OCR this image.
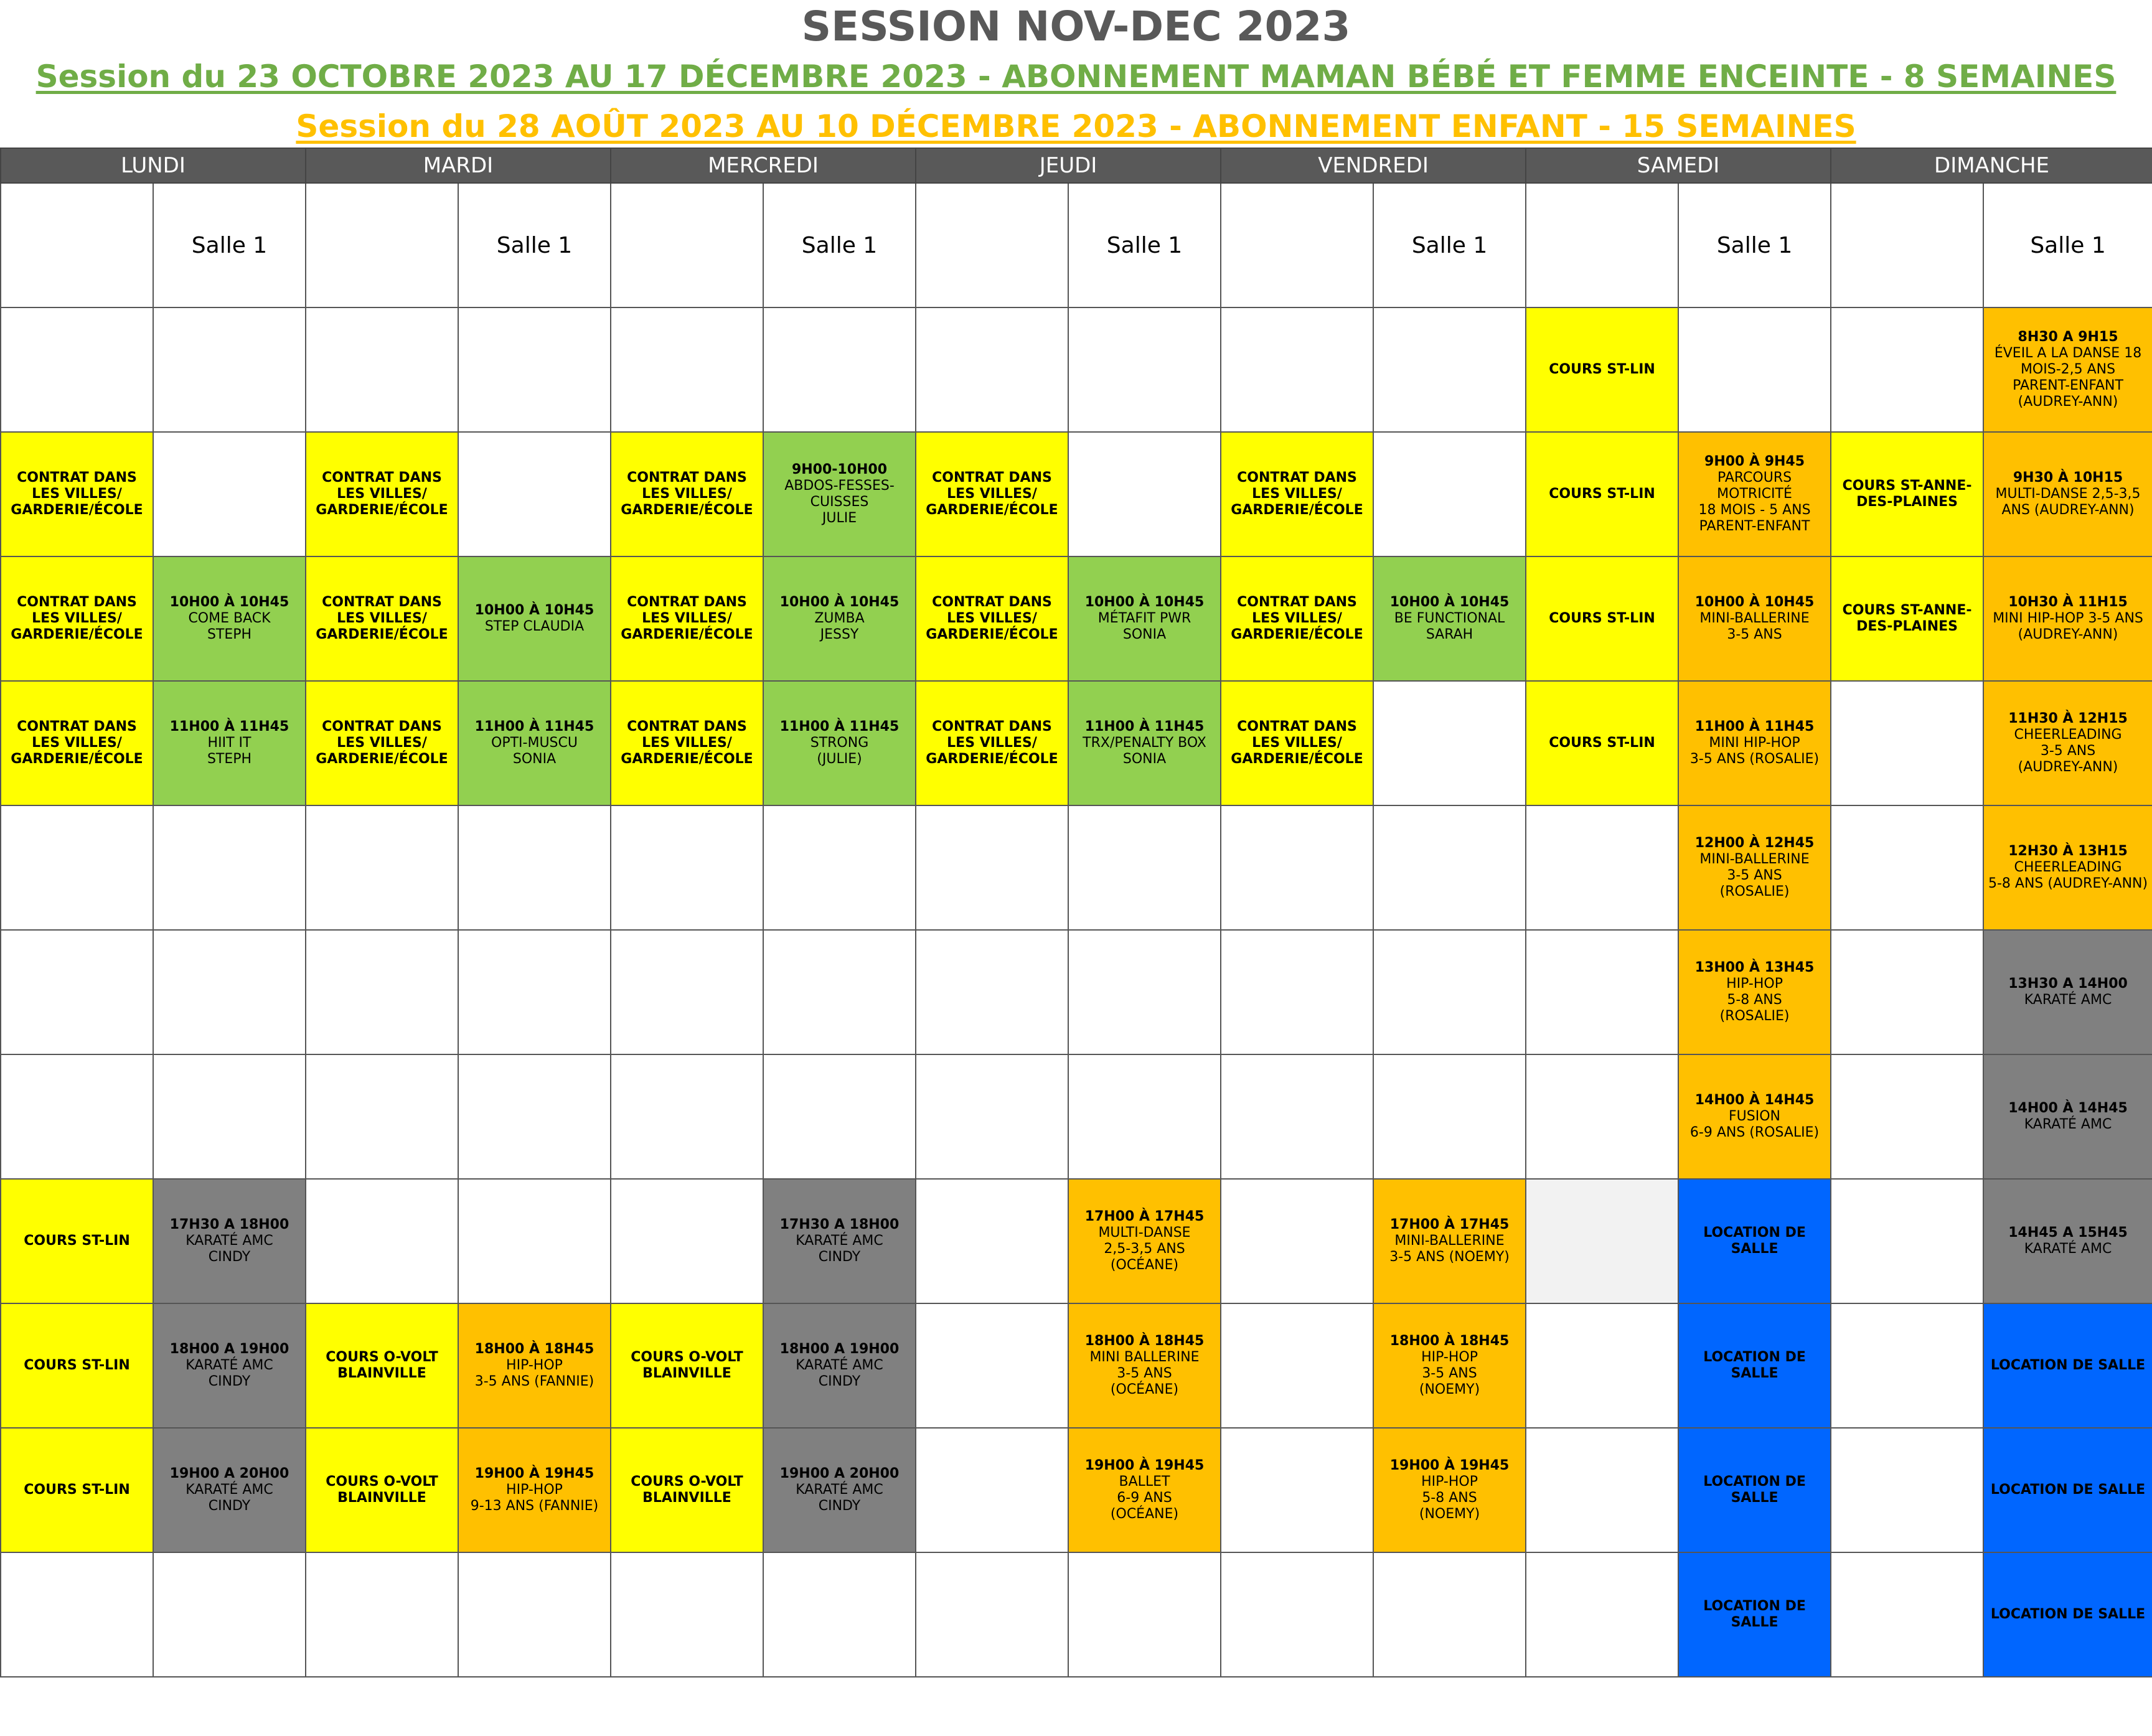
SESSION NOV-DEC 2023
Session du 23 OCTOBRE 2023 AU 17 DÉCEMBRE 2023 - ABONNEMENT MAMAN BÉBÉ ET FEMME ENCEINTE - 8 SEMAINES
Session du 28 AOÛT 2023 AU 10 DÉCEMBRE 2023 - ABONNEMENT ENFANT - 15 SEMAINES
LUNDI		MARDI		MERCREDI		JEUDI		VENDREDI		SAMEDI		DIMANCHE	
	Salle 1		Salle 1		Salle 1		Salle 1		Salle 1		Salle 1		Salle 1

										COURS ST-LIN			8H30 A 9H15
ÉVEIL A LA DANSE 18 MOIS-2,5 ANS
PARENT-ENFANT
(AUDREY-ANN)

CONTRAT DANS LES VILLES/
GARDERIE/ÉCOLE		CONTRAT DANS LES VILLES/
GARDERIE/ÉCOLE		CONTRAT DANS LES VILLES/
GARDERIE/ÉCOLE	9H00-10H00
ABDOS-FESSES-CUISSES
JULIE	CONTRAT DANS LES VILLES/
GARDERIE/ÉCOLE		CONTRAT DANS LES VILLES/
GARDERIE/ÉCOLE		COURS ST-LIN	9H00 À 9H45
PARCOURS MOTRICITÉ
18 MOIS - 5 ANS
PARENT-ENFANT	COURS ST-ANNE-DES-PLAINES	9H30 À 10H15
MULTI-DANSE 2,5-3,5 ANS (AUDREY-ANN)

CONTRAT DANS LES VILLES/
GARDERIE/ÉCOLE	10H00 À 10H45
COME BACK
STEPH	CONTRAT DANS LES VILLES/
GARDERIE/ÉCOLE	10H00 À 10H45
STEP CLAUDIA	CONTRAT DANS LES VILLES/
GARDERIE/ÉCOLE	10H00 À 10H45
ZUMBA
JESSY	CONTRAT DANS LES VILLES/
GARDERIE/ÉCOLE	10H00 À 10H45
MÉTAFIT PWR
SONIA	CONTRAT DANS LES VILLES/
GARDERIE/ÉCOLE	10H00 À 10H45
BE FUNCTIONAL
SARAH	COURS ST-LIN	10H00 À 10H45
MINI-BALLERINE
3-5 ANS	COURS ST-ANNE-DES-PLAINES	10H30 À 11H15
MINI HIP-HOP 3-5 ANS (AUDREY-ANN)

CONTRAT DANS LES VILLES/
GARDERIE/ÉCOLE	11H00 À 11H45
HIIT IT
STEPH	CONTRAT DANS LES VILLES/
GARDERIE/ÉCOLE	11H00 À 11H45
OPTI-MUSCU
SONIA	CONTRAT DANS LES VILLES/
GARDERIE/ÉCOLE	11H00 À 11H45
STRONG
(JULIE)	CONTRAT DANS LES VILLES/
GARDERIE/ÉCOLE	11H00 À 11H45
TRX/PENALTY BOX
SONIA	CONTRAT DANS LES VILLES/
GARDERIE/ÉCOLE		COURS ST-LIN	11H00 À 11H45
MINI HIP-HOP
3-5 ANS (ROSALIE)		11H30 À 12H15
CHEERLEADING
3-5 ANS
(AUDREY-ANN)

											12H00 À 12H45
MINI-BALLERINE
3-5 ANS
(ROSALIE)		12H30 À 13H15
CHEERLEADING
5-8 ANS (AUDREY-ANN)

											13H00 À 13H45
HIP-HOP
5-8 ANS
(ROSALIE)		13H30 A 14H00
KARATÉ AMC

											14H00 À 14H45
FUSION
6-9 ANS (ROSALIE)		14H00 À 14H45
KARATÉ AMC

COURS ST-LIN	17H30 A 18H00
KARATÉ AMC
CINDY				17H30 A 18H00
KARATÉ AMC
CINDY		17H00 À 17H45
MULTI-DANSE
2,5-3,5 ANS
(OCÉANE)		17H00 À 17H45
MINI-BALLERINE
3-5 ANS (NOEMY)		LOCATION DE SALLE		14H45 A 15H45
KARATÉ AMC

COURS ST-LIN	18H00 A 19H00
KARATÉ AMC
CINDY	COURS O-VOLT
BLAINVILLE	18H00 À 18H45
HIP-HOP
3-5 ANS (FANNIE)	COURS O-VOLT
BLAINVILLE	18H00 A 19H00
KARATÉ AMC
CINDY		18H00 À 18H45
MINI BALLERINE
3-5 ANS
(OCÉANE)		18H00 À 18H45
HIP-HOP
3-5 ANS
(NOEMY)		LOCATION DE SALLE		LOCATION DE SALLE

COURS ST-LIN	19H00 A 20H00
KARATÉ AMC
CINDY	COURS O-VOLT
BLAINVILLE	19H00 À 19H45
HIP-HOP
9-13 ANS (FANNIE)	COURS O-VOLT
BLAINVILLE	19H00 A 20H00
KARATÉ AMC
CINDY		19H00 À 19H45
BALLET
6-9 ANS
(OCÉANE)		19H00 À 19H45
HIP-HOP
5-8 ANS
(NOEMY)		LOCATION DE SALLE		LOCATION DE SALLE

											LOCATION DE SALLE		LOCATION DE SALLE
